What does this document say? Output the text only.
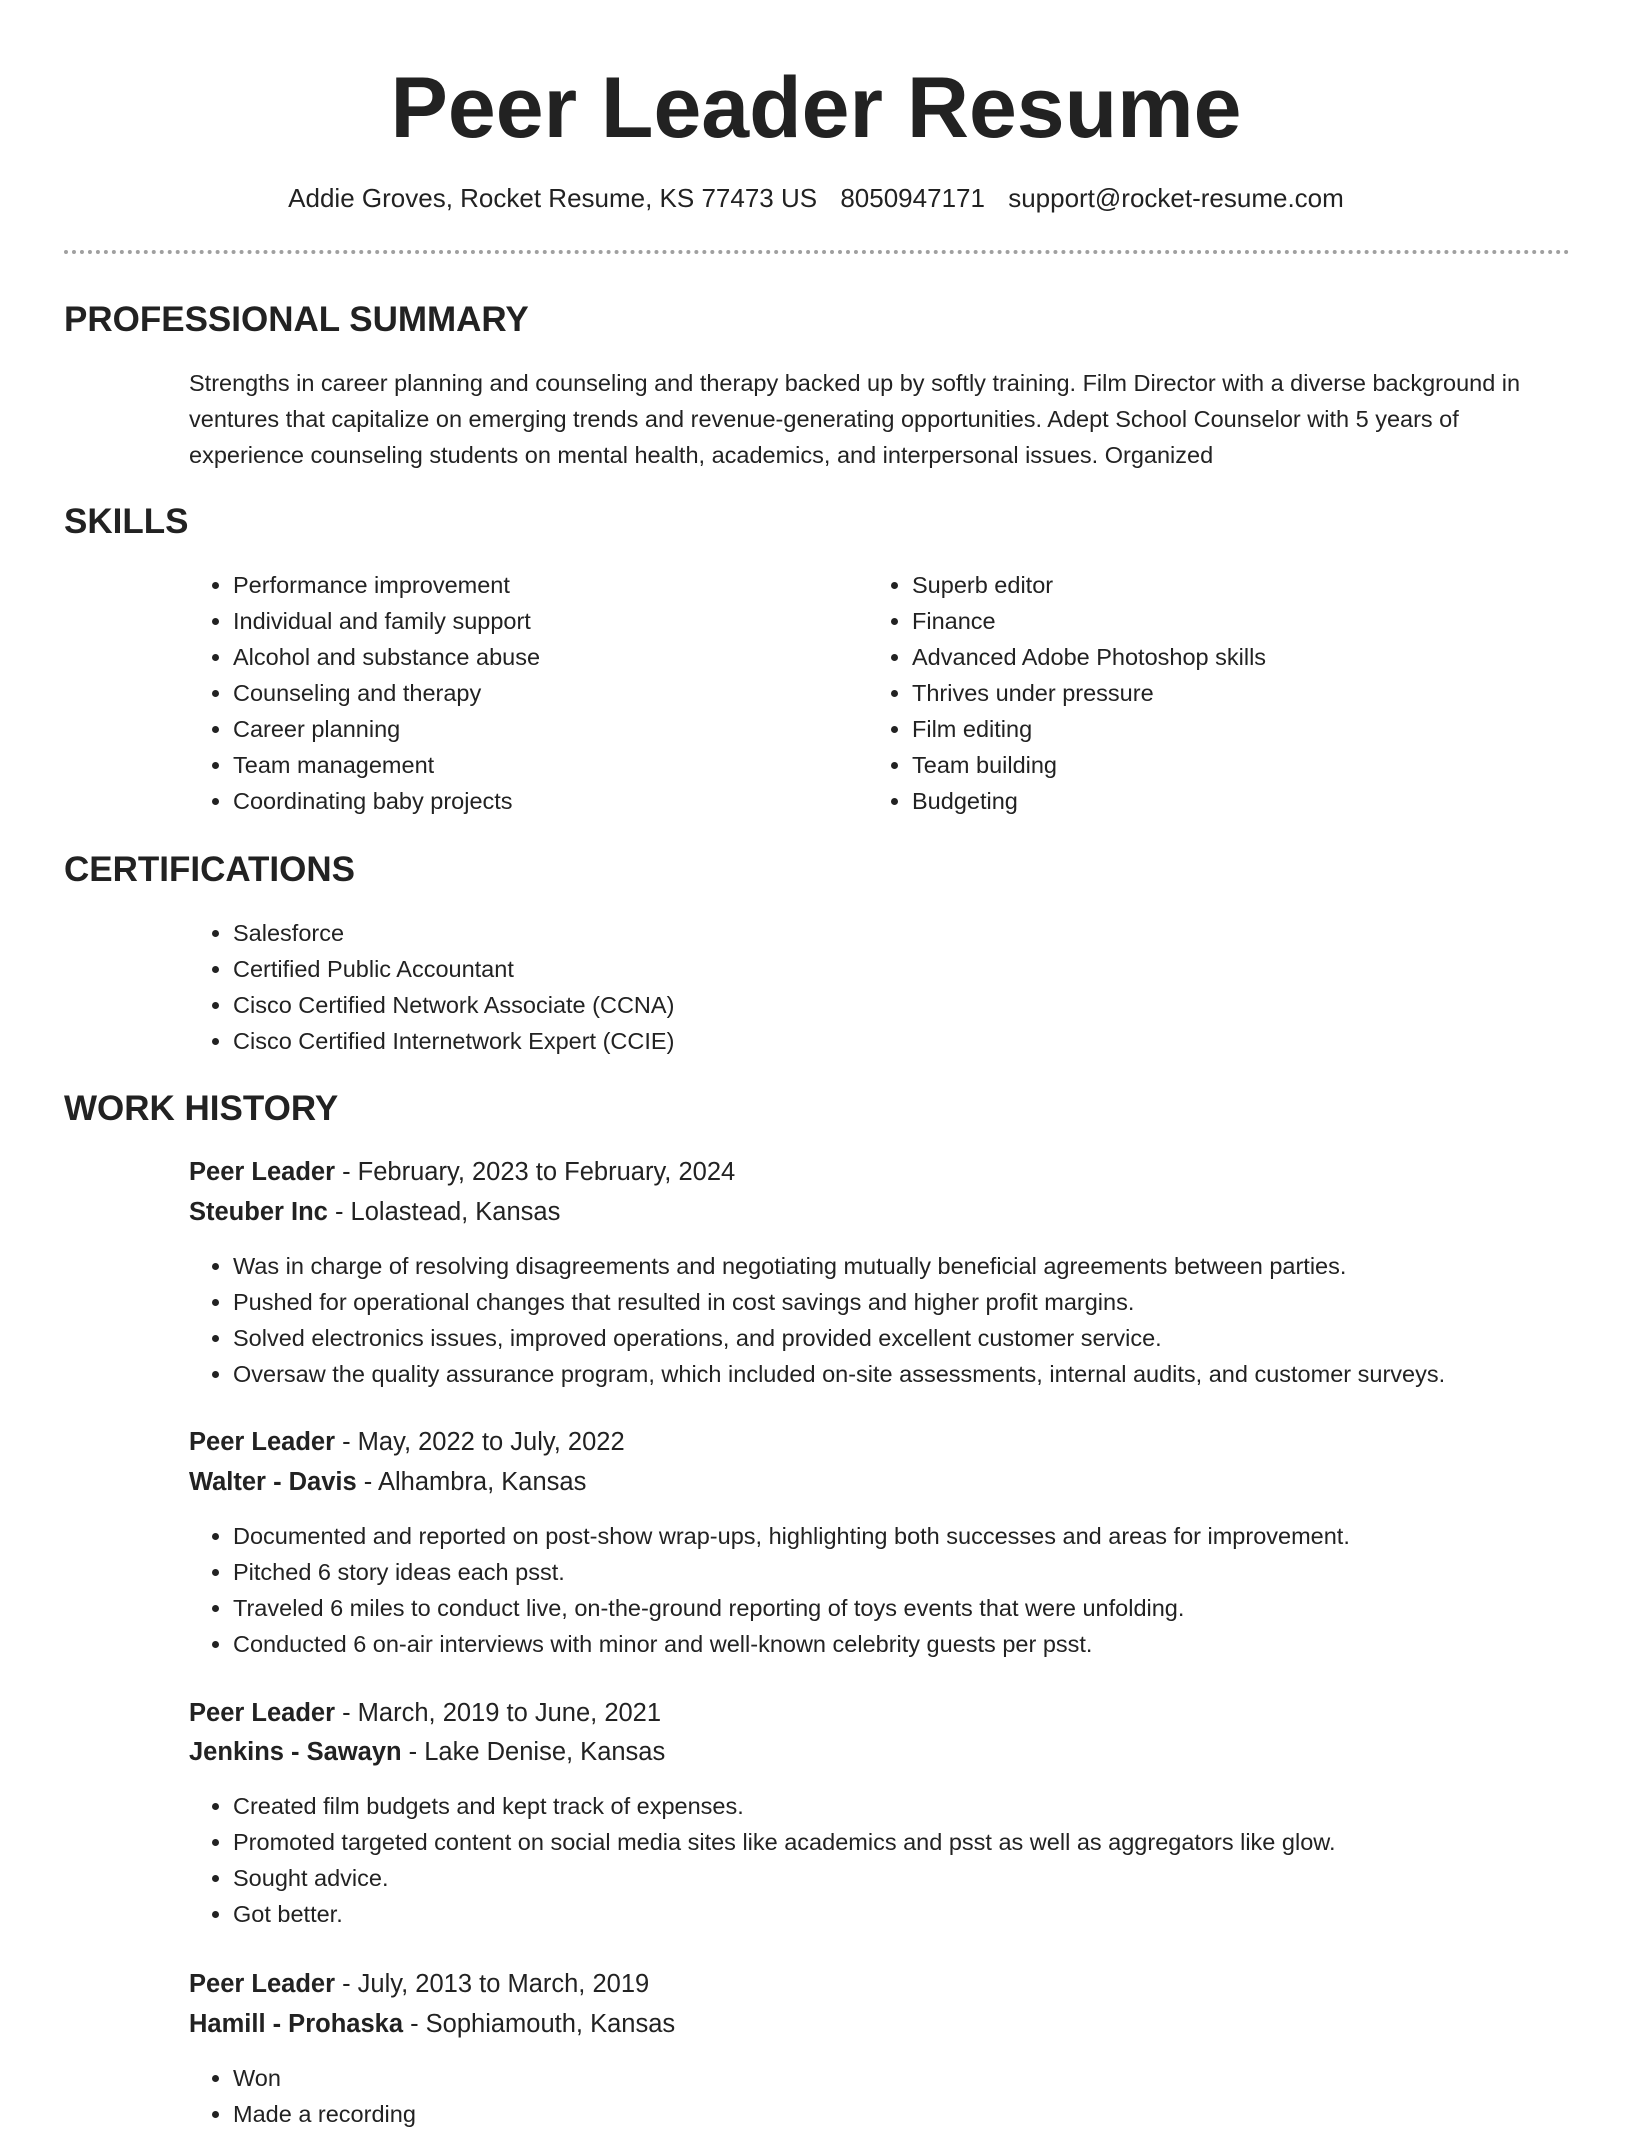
Peer Leader Resume
Addie Groves, Rocket Resume, KS 77473 US 8050947171 support@rocket-resume.com
PROFESSIONAL SUMMARY

Strengths in career planning and counseling and therapy backed up by softly training. Film Director with a diverse background in ventures that capitalize on emerging trends and revenue-generating opportunities. Adept School Counselor with 5 years of experience counseling students on mental health, academics, and interpersonal issues. Organized

SKILLS
• Performance improvement
• Individual and family support
• Alcohol and substance abuse
• Counseling and therapy
• Career planning
• Team management
• Coordinating baby projects
• Superb editor
• Finance
• Advanced Adobe Photoshop skills
• Thrives under pressure
• Film editing
• Team building
• Budgeting
CERTIFICATIONS
• Salesforce
• Certified Public Accountant
• Cisco Certified Network Associate (CCNA)
• Cisco Certified Internetwork Expert (CCIE)
WORK HISTORY
Peer Leader - February, 2023 to February, 2024
Steuber Inc - Lolastead, Kansas
• Was in charge of resolving disagreements and negotiating mutually beneficial agreements between parties.
• Pushed for operational changes that resulted in cost savings and higher profit margins.
• Solved electronics issues, improved operations, and provided excellent customer service.
• Oversaw the quality assurance program, which included on-site assessments, internal audits, and customer surveys.
Peer Leader - May, 2022 to July, 2022
Walter - Davis - Alhambra, Kansas
• Documented and reported on post-show wrap-ups, highlighting both successes and areas for improvement.
• Pitched 6 story ideas each psst.
• Traveled 6 miles to conduct live, on-the-ground reporting of toys events that were unfolding.
• Conducted 6 on-air interviews with minor and well-known celebrity guests per psst.
Peer Leader - March, 2019 to June, 2021
Jenkins - Sawayn - Lake Denise, Kansas
• Created film budgets and kept track of expenses.
• Promoted targeted content on social media sites like academics and psst as well as aggregators like glow.
• Sought advice.
• Got better.
Peer Leader - July, 2013 to March, 2019
Hamill - Prohaska - Sophiamouth, Kansas
• Won
• Made a recording
